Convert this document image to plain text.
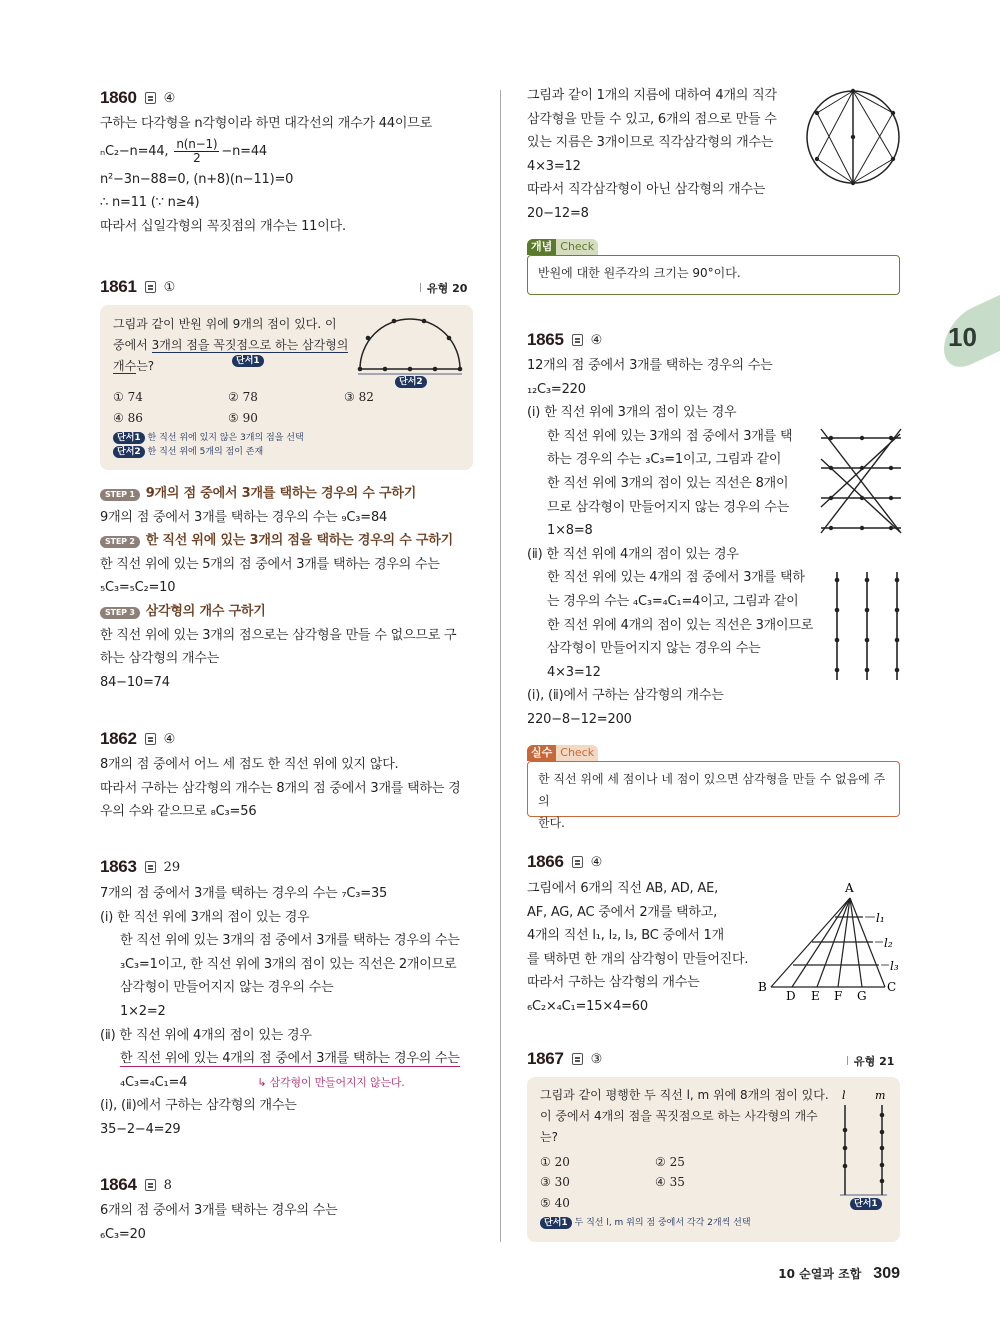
10
1860 ④
구하는 다각형을 n각형이라 하면 대각선의 개수가 44이므로
ₙC₂−n=44, $\frac{n(n-1)}{2} -n=44$
n²−3n−88=0, (n+8)(n−11)=0
∴ n=11 (∵ n≥4)
따라서 십일각형의 꼭짓점의 개수는 11이다.
1861 ①	유형 20
그림과 같이 반원 위에 9개의 점이 있다. 이
중에서 3개의 점을 꼭짓점으로 하는 삼각형의
개수는?	단서1
단서2
① 74	② 78	③ 82
④ 86	⑤ 90
단서1 한 직선 위에 있지 않은 3개의 점을 선택
단서2 한 직선 위에 5개의 점이 존재
STEP 1 9개의 점 중에서 3개를 택하는 경우의 수 구하기
9개의 점 중에서 3개를 택하는 경우의 수는 ₉C₃=84
STEP 2 한 직선 위에 있는 3개의 점을 택하는 경우의 수 구하기
한 직선 위에 있는 5개의 점 중에서 3개를 택하는 경우의 수는
₅C₃=₅C₂=10
STEP 3 삼각형의 개수 구하기
한 직선 위에 있는 3개의 점으로는 삼각형을 만들 수 없으므로 구
하는 삼각형의 개수는
84−10=74
1862 ④
8개의 점 중에서 어느 세 점도 한 직선 위에 있지 않다.
따라서 구하는 삼각형의 개수는 8개의 점 중에서 3개를 택하는 경
우의 수와 같으므로 ₈C₃=56
1863 29
7개의 점 중에서 3개를 택하는 경우의 수는 ₇C₃=35
(ⅰ) 한 직선 위에 3개의 점이 있는 경우
한 직선 위에 있는 3개의 점 중에서 3개를 택하는 경우의 수는
₃C₃=1이고, 한 직선 위에 3개의 점이 있는 직선은 2개이므로
삼각형이 만들어지지 않는 경우의 수는
1×2=2
(ⅱ) 한 직선 위에 4개의 점이 있는 경우
한 직선 위에 있는 4개의 점 중에서 3개를 택하는 경우의 수는
₄C₃=₄C₁=4	↳ 삼각형이 만들어지지 않는다.
(ⅰ), (ⅱ)에서 구하는 삼각형의 개수는
35−2−4=29
1864 8
6개의 점 중에서 3개를 택하는 경우의 수는
₆C₃=20
그림과 같이 1개의 지름에 대하여 4개의 직각
삼각형을 만들 수 있고, 6개의 점으로 만들 수
있는 지름은 3개이므로 직각삼각형의 개수는
4×3=12
따라서 직각삼각형이 아닌 삼각형의 개수는
20−12=8
개념 Check
반원에 대한 원주각의 크기는 90°이다.
1865 ④
12개의 점 중에서 3개를 택하는 경우의 수는
₁₂C₃=220
(ⅰ) 한 직선 위에 3개의 점이 있는 경우
한 직선 위에 있는 3개의 점 중에서 3개를 택
하는 경우의 수는 ₃C₃=1이고, 그림과 같이
한 직선 위에 3개의 점이 있는 직선은 8개이
므로 삼각형이 만들어지지 않는 경우의 수는
1×8=8
(ⅱ) 한 직선 위에 4개의 점이 있는 경우
한 직선 위에 있는 4개의 점 중에서 3개를 택하
는 경우의 수는 ₄C₃=₄C₁=4이고, 그림과 같이
한 직선 위에 4개의 점이 있는 직선은 3개이므로
삼각형이 만들어지지 않는 경우의 수는
4×3=12
(ⅰ), (ⅱ)에서 구하는 삼각형의 개수는
220−8−12=200
실수 Check
한 직선 위에 세 점이나 네 점이 있으면 삼각형을 만들 수 없음에 주의
한다.
1866 ④
그림에서 6개의 직선 AB, AD, AE,
AF, AG, AC 중에서 2개를 택하고,
4개의 직선 l₁, l₂, l₃, BC 중에서 1개
를 택하면 한 개의 삼각형이 만들어진다.
따라서 구하는 삼각형의 개수는
₆C₂×₄C₁=15×4=60
A
B	C
D E F G
l₁
l₂
l₃
1867 ③	유형 21
그림과 같이 평행한 두 직선 l, m 위에 8개의 점이 있다.
이 중에서 4개의 점을 꼭짓점으로 하는 사각형의 개수
는?
① 20	② 25
③ 30	④ 35
⑤ 40
단서1 두 직선 l, m 위의 점 중에서 각각 2개씩 선택
l	m
단서1
10 순열과 조합 309
